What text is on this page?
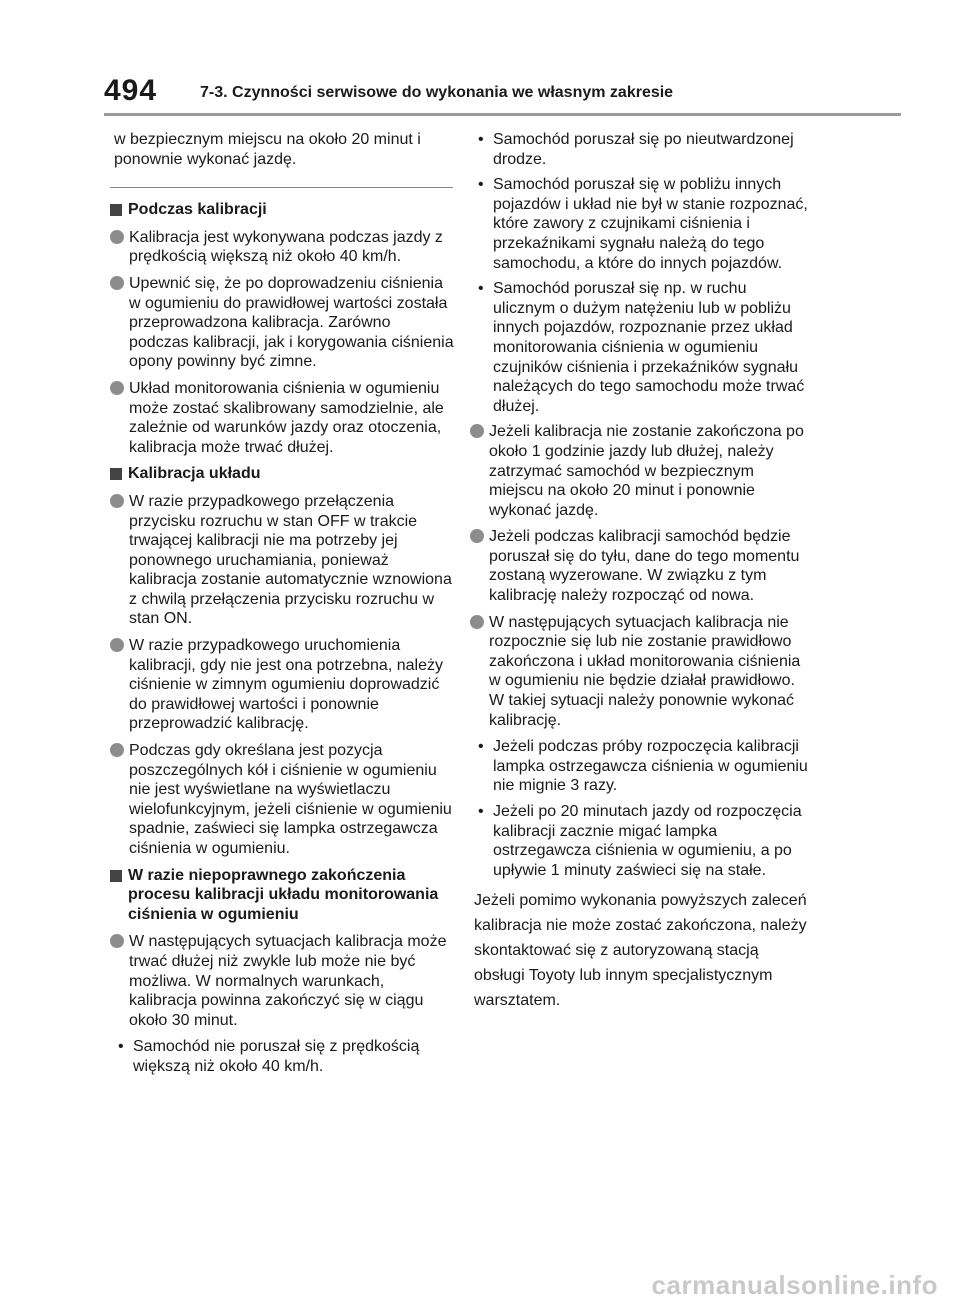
494	7-3. Czynności serwisowe do wykonania we własnym zakresie

w bezpiecznym miejscu na około 20 minut i ponownie wykonać jazdę.

Podczas kalibracji
Kalibracja jest wykonywana podczas jazdy z prędkością większą niż około 40 km/h.
Upewnić się, że po doprowadzeniu ciśnienia w ogumieniu do prawidłowej wartości została przeprowadzona kalibracja. Zarówno podczas kalibracji, jak i korygowania ciśnienia opony powinny być zimne.
Układ monitorowania ciśnienia w ogumieniu może zostać skalibrowany samodzielnie, ale zależnie od warunków jazdy oraz otoczenia, kalibracja może trwać dłużej.
Kalibracja układu
W razie przypadkowego przełączenia przycisku rozruchu w stan OFF w trakcie trwającej kalibracji nie ma potrzeby jej ponownego uruchamiania, ponieważ kalibracja zostanie automatycznie wznowiona z chwilą przełączenia przycisku rozruchu w stan ON.
W razie przypadkowego uruchomienia kalibracji, gdy nie jest ona potrzebna, należy ciśnienie w zimnym ogumieniu doprowadzić do prawidłowej wartości i ponownie przeprowadzić kalibrację.
Podczas gdy określana jest pozycja poszczególnych kół i ciśnienie w ogumieniu nie jest wyświetlane na wyświetlaczu wielofunkcyjnym, jeżeli ciśnienie w ogumieniu spadnie, zaświeci się lampka ostrzegawcza ciśnienia w ogumieniu.
W razie niepoprawnego zakończenia procesu kalibracji układu monitorowania ciśnienia w ogumieniu
W następujących sytuacjach kalibracja może trwać dłużej niż zwykle lub może nie być możliwa. W normalnych warunkach, kalibracja powinna zakończyć się w ciągu około 30 minut.
• Samochód nie poruszał się z prędkością większą niż około 40 km/h.
• Samochód poruszał się po nieutwardzonej drodze.
• Samochód poruszał się w pobliżu innych pojazdów i układ nie był w stanie rozpoznać, które zawory z czujnikami ciśnienia i przekaźnikami sygnału należą do tego samochodu, a które do innych pojazdów.
• Samochód poruszał się np. w ruchu ulicznym o dużym natężeniu lub w pobliżu innych pojazdów, rozpoznanie przez układ monitorowania ciśnienia w ogumieniu czujników ciśnienia i przekaźników sygnału należących do tego samochodu może trwać dłużej.
Jeżeli kalibracja nie zostanie zakończona po około 1 godzinie jazdy lub dłużej, należy zatrzymać samochód w bezpiecznym miejscu na około 20 minut i ponownie wykonać jazdę.
Jeżeli podczas kalibracji samochód będzie poruszał się do tyłu, dane do tego momentu zostaną wyzerowane. W związku z tym kalibrację należy rozpocząć od nowa.
W następujących sytuacjach kalibracja nie rozpocznie się lub nie zostanie prawidłowo zakończona i układ monitorowania ciśnienia w ogumieniu nie będzie działał prawidłowo. W takiej sytuacji należy ponownie wykonać kalibrację.
• Jeżeli podczas próby rozpoczęcia kalibracji lampka ostrzegawcza ciśnienia w ogumieniu nie mignie 3 razy.
• Jeżeli po 20 minutach jazdy od rozpoczęcia kalibracji zacznie migać lampka ostrzegawcza ciśnienia w ogumieniu, a po upływie 1 minuty zaświeci się na stałe.

Jeżeli pomimo wykonania powyższych zaleceń kalibracja nie może zostać zakończona, należy skontaktować się z autoryzowaną stacją obsługi Toyoty lub innym specjalistycznym warsztatem.

carmanualsonline.info
